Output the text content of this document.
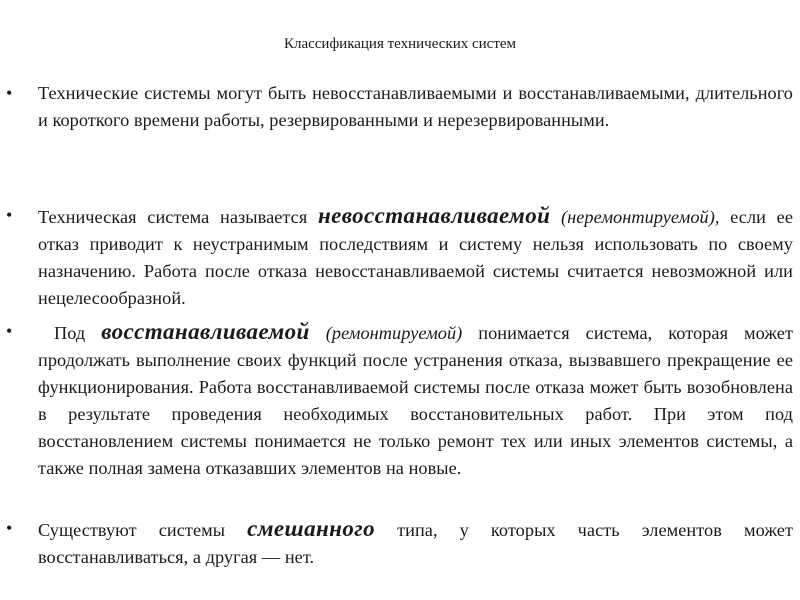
Классификация технических систем
• Технические системы могут быть невосстанавливаемыми и восстанавливаемыми, длительного и короткого времени работы, резервированными и нерезервированными.
• Техническая система называется невосстанавливаемой (неремонтируемой), если ее отказ приводит к неустранимым последствиям и систему нельзя использовать по своему назначению. Работа после отказа невосстанавливаемой системы считается невозможной или нецелесообразной.
• Под восстанавливаемой (ремонтируемой) понимается система, которая может продолжать выполнение своих функций после устранения отказа, вызвавшего прекращение ее функционирования. Работа восстанавливаемой системы после отказа может быть возобновлена в результате проведения необходимых восстановительных работ. При этом под восстановлением системы понимается не только ремонт тех или иных элементов системы, а также полная замена отказавших элементов на новые.
• Существуют системы смешанного типа, у которых часть элементов может восстанавливаться, а другая — нет.
